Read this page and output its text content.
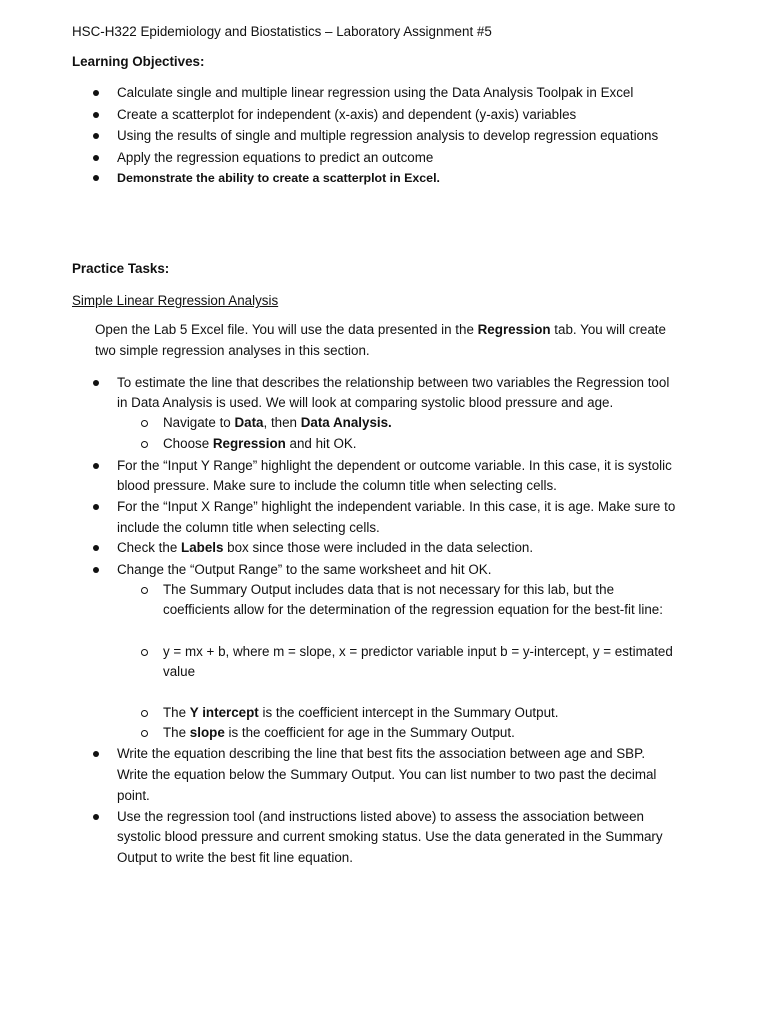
HSC-H322 Epidemiology and Biostatistics – Laboratory Assignment #5
Learning Objectives:
Calculate single and multiple linear regression using the Data Analysis Toolpak in Excel
Create a scatterplot for independent (x-axis) and dependent (y-axis) variables
Using the results of single and multiple regression analysis to develop regression equations
Apply the regression equations to predict an outcome
Demonstrate the ability to create a scatterplot in Excel.
Practice Tasks:
Simple Linear Regression Analysis
Open the Lab 5 Excel file. You will use the data presented in the Regression tab. You will create
two simple regression analyses in this section.
To estimate the line that describes the relationship between two variables the Regression tool
in Data Analysis is used. We will look at comparing systolic blood pressure and age.
Navigate to Data, then Data Analysis.
Choose Regression and hit OK.
For the “Input Y Range” highlight the dependent or outcome variable. In this case, it is systolic
blood pressure. Make sure to include the column title when selecting cells.
For the “Input X Range” highlight the independent variable. In this case, it is age. Make sure to
include the column title when selecting cells.
Check the Labels box since those were included in the data selection.
Change the “Output Range” to the same worksheet and hit OK.
The Summary Output includes data that is not necessary for this lab, but the
coefficients allow for the determination of the regression equation for the best-fit line:
y = mx + b, where m = slope, x = predictor variable input b = y-intercept, y = estimated
value
The Y intercept is the coefficient intercept in the Summary Output.
The slope is the coefficient for age in the Summary Output.
Write the equation describing the line that best fits the association between age and SBP.
Write the equation below the Summary Output. You can list number to two past the decimal
point.
Use the regression tool (and instructions listed above) to assess the association between
systolic blood pressure and current smoking status. Use the data generated in the Summary
Output to write the best fit line equation.
